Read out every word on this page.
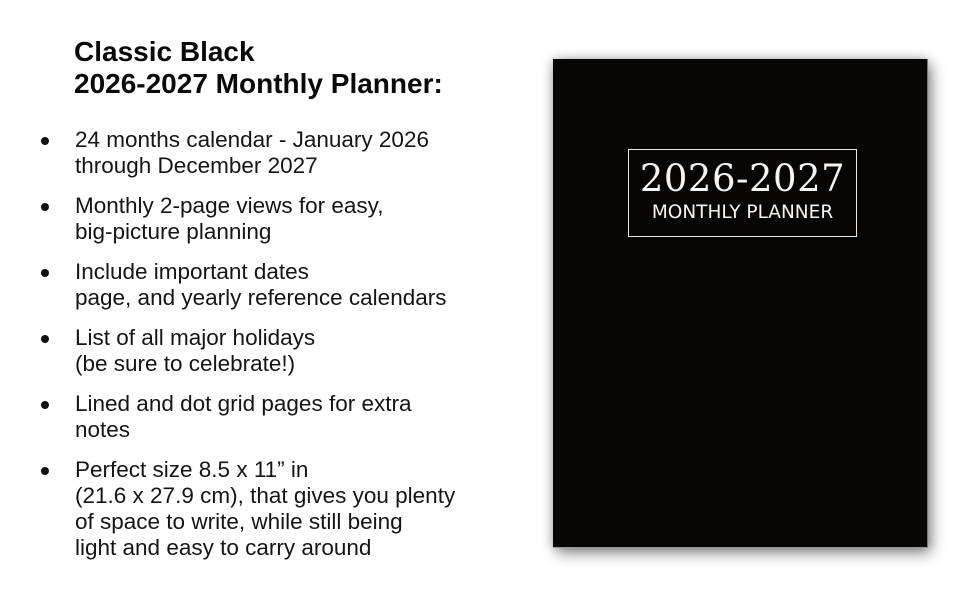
Classic Black
2026-2027 Monthly Planner:
24 months calendar - January 2026
through December 2027
Monthly 2-page views for easy,
big-picture planning
Include important dates
page, and yearly reference calendars
List of all major holidays
(be sure to celebrate!)
Lined and dot grid pages for extra
notes
Perfect size 8.5 x 11” in
(21.6 x 27.9 cm), that gives you plenty
of space to write, while still being
light and easy to carry around
2026-2027
MONTHLY PLANNER
